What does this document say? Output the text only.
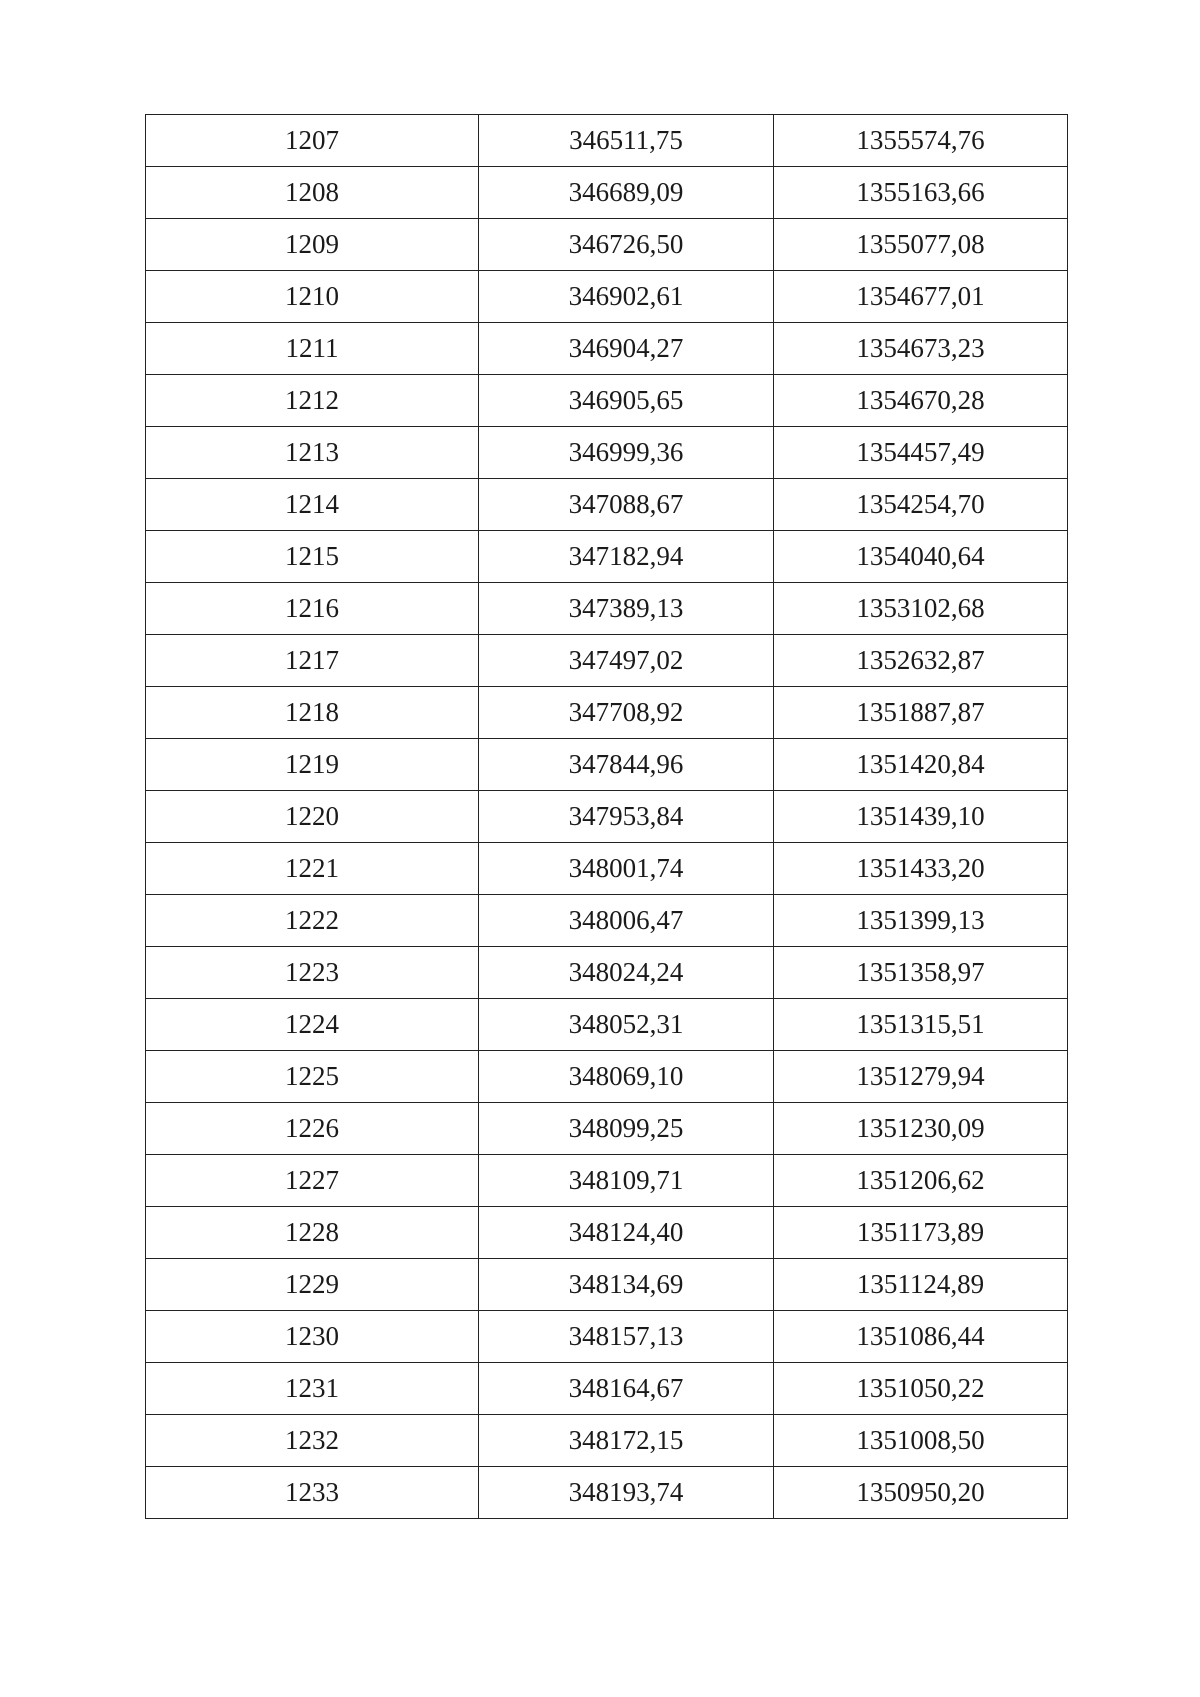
1207	346511,75	1355574,76
1208	346689,09	1355163,66
1209	346726,50	1355077,08
1210	346902,61	1354677,01
1211	346904,27	1354673,23
1212	346905,65	1354670,28
1213	346999,36	1354457,49
1214	347088,67	1354254,70
1215	347182,94	1354040,64
1216	347389,13	1353102,68
1217	347497,02	1352632,87
1218	347708,92	1351887,87
1219	347844,96	1351420,84
1220	347953,84	1351439,10
1221	348001,74	1351433,20
1222	348006,47	1351399,13
1223	348024,24	1351358,97
1224	348052,31	1351315,51
1225	348069,10	1351279,94
1226	348099,25	1351230,09
1227	348109,71	1351206,62
1228	348124,40	1351173,89
1229	348134,69	1351124,89
1230	348157,13	1351086,44
1231	348164,67	1351050,22
1232	348172,15	1351008,50
1233	348193,74	1350950,20
